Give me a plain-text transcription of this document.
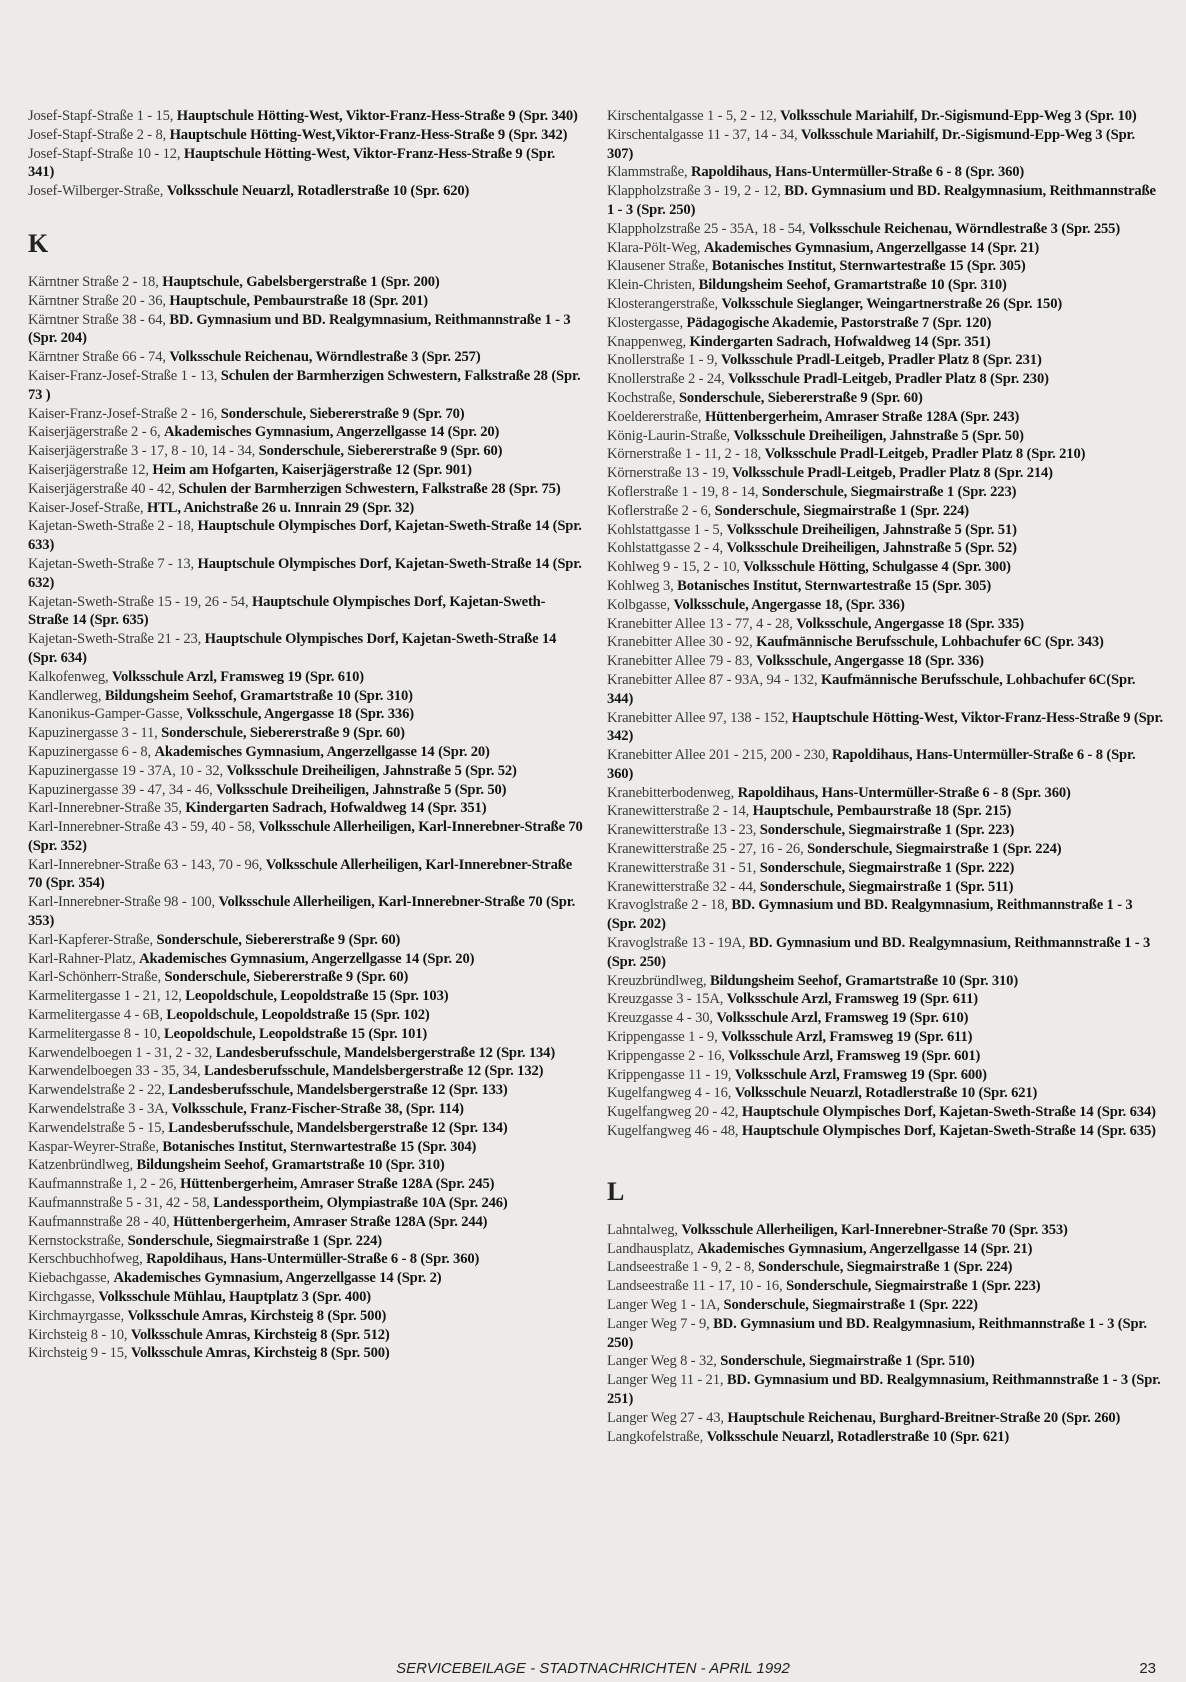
Josef-Stapf-Straße 1 - 15, Hauptschule Hötting-West, Viktor-Franz-Hess-Straße 9 (Spr. 340)

Josef-Stapf-Straße 2 - 8, Hauptschule Hötting-West,Viktor-Franz-Hess-Straße 9 (Spr. 342)

Josef-Stapf-Straße 10 - 12, Hauptschule Hötting-West, Viktor-Franz-Hess-Straße 9 (Spr. 341)

Josef-Wilberger-Straße, Volksschule Neuarzl, Rotadlerstraße 10 (Spr. 620)

K

Kärntner Straße 2 - 18, Hauptschule, Gabelsbergerstraße 1 (Spr. 200)

Kärntner Straße 20 - 36, Hauptschule, Pembaurstraße 18 (Spr. 201)

Kärntner Straße 38 - 64, BD. Gymnasium und BD. Realgymnasium, Reithmannstraße 1 - 3 (Spr. 204)

Kärntner Straße 66 - 74, Volksschule Reichenau, Wörndlestraße 3 (Spr. 257)

Kaiser-Franz-Josef-Straße 1 - 13, Schulen der Barmherzigen Schwestern, Falkstraße 28 (Spr. 73 )

Kaiser-Franz-Josef-Straße 2 - 16, Sonderschule, Siebererstraße 9 (Spr. 70)

Kaiserjägerstraße 2 - 6, Akademisches Gymnasium, Angerzellgasse 14 (Spr. 20)

Kaiserjägerstraße 3 - 17, 8 - 10, 14 - 34, Sonderschule, Siebererstraße 9 (Spr. 60)

Kaiserjägerstraße 12, Heim am Hofgarten, Kaiserjägerstraße 12 (Spr. 901)

Kaiserjägerstraße 40 - 42, Schulen der Barmherzigen Schwestern, Falkstraße 28 (Spr. 75)

Kaiser-Josef-Straße, HTL, Anichstraße 26 u. Innrain 29 (Spr. 32)

Kajetan-Sweth-Straße 2 - 18, Hauptschule Olympisches Dorf, Kajetan-Sweth-Straße 14 (Spr. 633)

Kajetan-Sweth-Straße 7 - 13, Hauptschule Olympisches Dorf, Kajetan-Sweth-Straße 14 (Spr. 632)

Kajetan-Sweth-Straße 15 - 19, 26 - 54, Hauptschule Olympisches Dorf, Kajetan-Sweth-Straße 14 (Spr. 635)

Kajetan-Sweth-Straße 21 - 23, Hauptschule Olympisches Dorf, Kajetan-Sweth-Straße 14 (Spr. 634)

Kalkofenweg, Volksschule Arzl, Framsweg 19 (Spr. 610)

Kandlerweg, Bildungsheim Seehof, Gramartstraße 10 (Spr. 310)

Kanonikus-Gamper-Gasse, Volksschule, Angergasse 18 (Spr. 336)

Kapuzinergasse 3 - 11, Sonderschule, Siebererstraße 9 (Spr. 60)

Kapuzinergasse 6 - 8, Akademisches Gymnasium, Angerzellgasse 14 (Spr. 20)

Kapuzinergasse 19 - 37A, 10 - 32, Volksschule Dreiheiligen, Jahnstraße 5 (Spr. 52)

Kapuzinergasse 39 - 47, 34 - 46, Volksschule Dreiheiligen, Jahnstraße 5 (Spr. 50)

Karl-Innerebner-Straße 35, Kindergarten Sadrach, Hofwaldweg 14 (Spr. 351)

Karl-Innerebner-Straße 43 - 59, 40 - 58, Volksschule Allerheiligen, Karl-Innerebner-Straße 70 (Spr. 352)

Karl-Innerebner-Straße 63 - 143, 70 - 96, Volksschule Allerheiligen, Karl-Innerebner-Straße 70 (Spr. 354)

Karl-Innerebner-Straße 98 - 100, Volksschule Allerheiligen, Karl-Innerebner-Straße 70 (Spr. 353)

Karl-Kapferer-Straße, Sonderschule, Siebererstraße 9 (Spr. 60)

Karl-Rahner-Platz, Akademisches Gymnasium, Angerzellgasse 14 (Spr. 20)

Karl-Schönherr-Straße, Sonderschule, Siebererstraße 9 (Spr. 60)

Karmelitergasse 1 - 21, 12, Leopoldschule, Leopoldstraße 15 (Spr. 103)

Karmelitergasse 4 - 6B, Leopoldschule, Leopoldstraße 15 (Spr. 102)

Karmelitergasse 8 - 10, Leopoldschule, Leopoldstraße 15 (Spr. 101)

Karwendelboegen 1 - 31, 2 - 32, Landesberufsschule, Mandelsbergerstraße 12 (Spr. 134)

Karwendelboegen 33 - 35, 34, Landesberufsschule, Mandelsbergerstraße 12 (Spr. 132)

Karwendelstraße 2 - 22, Landesberufsschule, Mandelsbergerstraße 12 (Spr. 133)

Karwendelstraße 3 - 3A, Volksschule, Franz-Fischer-Straße 38, (Spr. 114)

Karwendelstraße 5 - 15, Landesberufsschule, Mandelsbergerstraße 12 (Spr. 134)

Kaspar-Weyrer-Straße, Botanisches Institut, Sternwartestraße 15 (Spr. 304)

Katzenbründlweg, Bildungsheim Seehof, Gramartstraße 10 (Spr. 310)

Kaufmannstraße 1, 2 - 26, Hüttenbergerheim, Amraser Straße 128A (Spr. 245)

Kaufmannstraße 5 - 31, 42 - 58, Landessportheim, Olympiastraße 10A (Spr. 246)

Kaufmannstraße 28 - 40, Hüttenbergerheim, Amraser Straße 128A (Spr. 244)

Kernstockstraße, Sonderschule, Siegmairstraße 1 (Spr. 224)

Kerschbuchhofweg, Rapoldihaus, Hans-Untermüller-Straße 6 - 8 (Spr. 360)

Kiebachgasse, Akademisches Gymnasium, Angerzellgasse 14 (Spr. 2)

Kirchgasse, Volksschule Mühlau, Hauptplatz 3 (Spr. 400)

Kirchmayrgasse, Volksschule Amras, Kirchsteig 8 (Spr. 500)

Kirchsteig 8 - 10, Volksschule Amras, Kirchsteig 8 (Spr. 512)

Kirchsteig 9 - 15, Volksschule Amras, Kirchsteig 8 (Spr. 500)

Kirschentalgasse 1 - 5, 2 - 12, Volksschule Mariahilf, Dr.-Sigismund-Epp-Weg 3 (Spr. 10)

Kirschentalgasse 11 - 37, 14 - 34, Volksschule Mariahilf, Dr.-Sigismund-Epp-Weg 3 (Spr. 307)

Klammstraße, Rapoldihaus, Hans-Untermüller-Straße 6 - 8 (Spr. 360)

Klappholzstraße 3 - 19, 2 - 12, BD. Gymnasium und BD. Realgymnasium, Reithmannstraße 1 - 3 (Spr. 250)

Klappholzstraße 25 - 35A, 18 - 54, Volksschule Reichenau, Wörndlestraße 3 (Spr. 255)

Klara-Pölt-Weg, Akademisches Gymnasium, Angerzellgasse 14 (Spr. 21)

Klausener Straße, Botanisches Institut, Sternwartestraße 15 (Spr. 305)

Klein-Christen, Bildungsheim Seehof, Gramartstraße 10 (Spr. 310)

Klosterangerstraße, Volksschule Sieglanger, Weingartnerstraße 26 (Spr. 150)

Klostergasse, Pädagogische Akademie, Pastorstraße 7 (Spr. 120)

Knappenweg, Kindergarten Sadrach, Hofwaldweg 14 (Spr. 351)

Knollerstraße 1 - 9, Volksschule Pradl-Leitgeb, Pradler Platz 8 (Spr. 231)

Knollerstraße 2 - 24, Volksschule Pradl-Leitgeb, Pradler Platz 8 (Spr. 230)

Kochstraße, Sonderschule, Siebererstraße 9 (Spr. 60)

Koeldererstraße, Hüttenbergerheim, Amraser Straße 128A (Spr. 243)

König-Laurin-Straße, Volksschule Dreiheiligen, Jahnstraße 5 (Spr. 50)

Körnerstraße 1 - 11, 2 - 18, Volksschule Pradl-Leitgeb, Pradler Platz 8 (Spr. 210)

Körnerstraße 13 - 19, Volksschule Pradl-Leitgeb, Pradler Platz 8 (Spr. 214)

Koflerstraße 1 - 19, 8 - 14, Sonderschule, Siegmairstraße 1 (Spr. 223)

Koflerstraße 2 - 6, Sonderschule, Siegmairstraße 1 (Spr. 224)

Kohlstattgasse 1 - 5, Volksschule Dreiheiligen, Jahnstraße 5 (Spr. 51)

Kohlstattgasse 2 - 4, Volksschule Dreiheiligen, Jahnstraße 5 (Spr. 52)

Kohlweg 9 - 15, 2 - 10, Volksschule Hötting, Schulgasse 4 (Spr. 300)

Kohlweg 3, Botanisches Institut, Sternwartestraße 15 (Spr. 305)

Kolbgasse, Volksschule, Angergasse 18, (Spr. 336)

Kranebitter Allee 13 - 77, 4 - 28, Volksschule, Angergasse 18 (Spr. 335)

Kranebitter Allee 30 - 92, Kaufmännische Berufsschule, Lohbachufer 6C (Spr. 343)

Kranebitter Allee 79 - 83, Volksschule, Angergasse 18 (Spr. 336)

Kranebitter Allee 87 - 93A, 94 - 132, Kaufmännische Berufsschule, Lohbachufer 6C(Spr. 344)

Kranebitter Allee 97, 138 - 152, Hauptschule Hötting-West, Viktor-Franz-Hess-Straße 9 (Spr. 342)

Kranebitter Allee 201 - 215, 200 - 230, Rapoldihaus, Hans-Untermüller-Straße 6 - 8 (Spr. 360)

Kranebitterbodenweg, Rapoldihaus, Hans-Untermüller-Straße 6 - 8 (Spr. 360)

Kranewitterstraße 2 - 14, Hauptschule, Pembaurstraße 18 (Spr. 215)

Kranewitterstraße 13 - 23, Sonderschule, Siegmairstraße 1 (Spr. 223)

Kranewitterstraße 25 - 27, 16 - 26, Sonderschule, Siegmairstraße 1 (Spr. 224)

Kranewitterstraße 31 - 51, Sonderschule, Siegmairstraße 1 (Spr. 222)

Kranewitterstraße 32 - 44, Sonderschule, Siegmairstraße 1 (Spr. 511)

Kravoglstraße 2 - 18, BD. Gymnasium und BD. Realgymnasium, Reithmannstraße 1 - 3 (Spr. 202)

Kravoglstraße 13 - 19A, BD. Gymnasium und BD. Realgymnasium, Reithmannstraße 1 - 3 (Spr. 250)

Kreuzbründlweg, Bildungsheim Seehof, Gramartstraße 10 (Spr. 310)

Kreuzgasse 3 - 15A, Volksschule Arzl, Framsweg 19 (Spr. 611)

Kreuzgasse 4 - 30, Volksschule Arzl, Framsweg 19 (Spr. 610)

Krippengasse 1 - 9, Volksschule Arzl, Framsweg 19 (Spr. 611)

Krippengasse 2 - 16, Volksschule Arzl, Framsweg 19 (Spr. 601)

Krippengasse 11 - 19, Volksschule Arzl, Framsweg 19 (Spr. 600)

Kugelfangweg 4 - 16, Volksschule Neuarzl, Rotadlerstraße 10 (Spr. 621)

Kugelfangweg 20 - 42, Hauptschule Olympisches Dorf, Kajetan-Sweth-Straße 14 (Spr. 634)

Kugelfangweg 46 - 48, Hauptschule Olympisches Dorf, Kajetan-Sweth-Straße 14 (Spr. 635)

L

Lahntalweg, Volksschule Allerheiligen, Karl-Innerebner-Straße 70 (Spr. 353)

Landhausplatz, Akademisches Gymnasium, Angerzellgasse 14 (Spr. 21)

Landseestraße 1 - 9, 2 - 8, Sonderschule, Siegmairstraße 1 (Spr. 224)

Landseestraße 11 - 17, 10 - 16, Sonderschule, Siegmairstraße 1 (Spr. 223)

Langer Weg 1 - 1A, Sonderschule, Siegmairstraße 1 (Spr. 222)

Langer Weg 7 - 9, BD. Gymnasium und BD. Realgymnasium, Reithmannstraße 1 - 3 (Spr. 250)

Langer Weg 8 - 32, Sonderschule, Siegmairstraße 1 (Spr. 510)

Langer Weg 11 - 21, BD. Gymnasium und BD. Realgymnasium, Reithmannstraße 1 - 3 (Spr. 251)

Langer Weg 27 - 43, Hauptschule Reichenau, Burghard-Breitner-Straße 20 (Spr. 260)

Langkofelstraße, Volksschule Neuarzl, Rotadlerstraße 10 (Spr. 621)

SERVICEBEILAGE - STADTNACHRICHTEN - APRIL 1992	23
